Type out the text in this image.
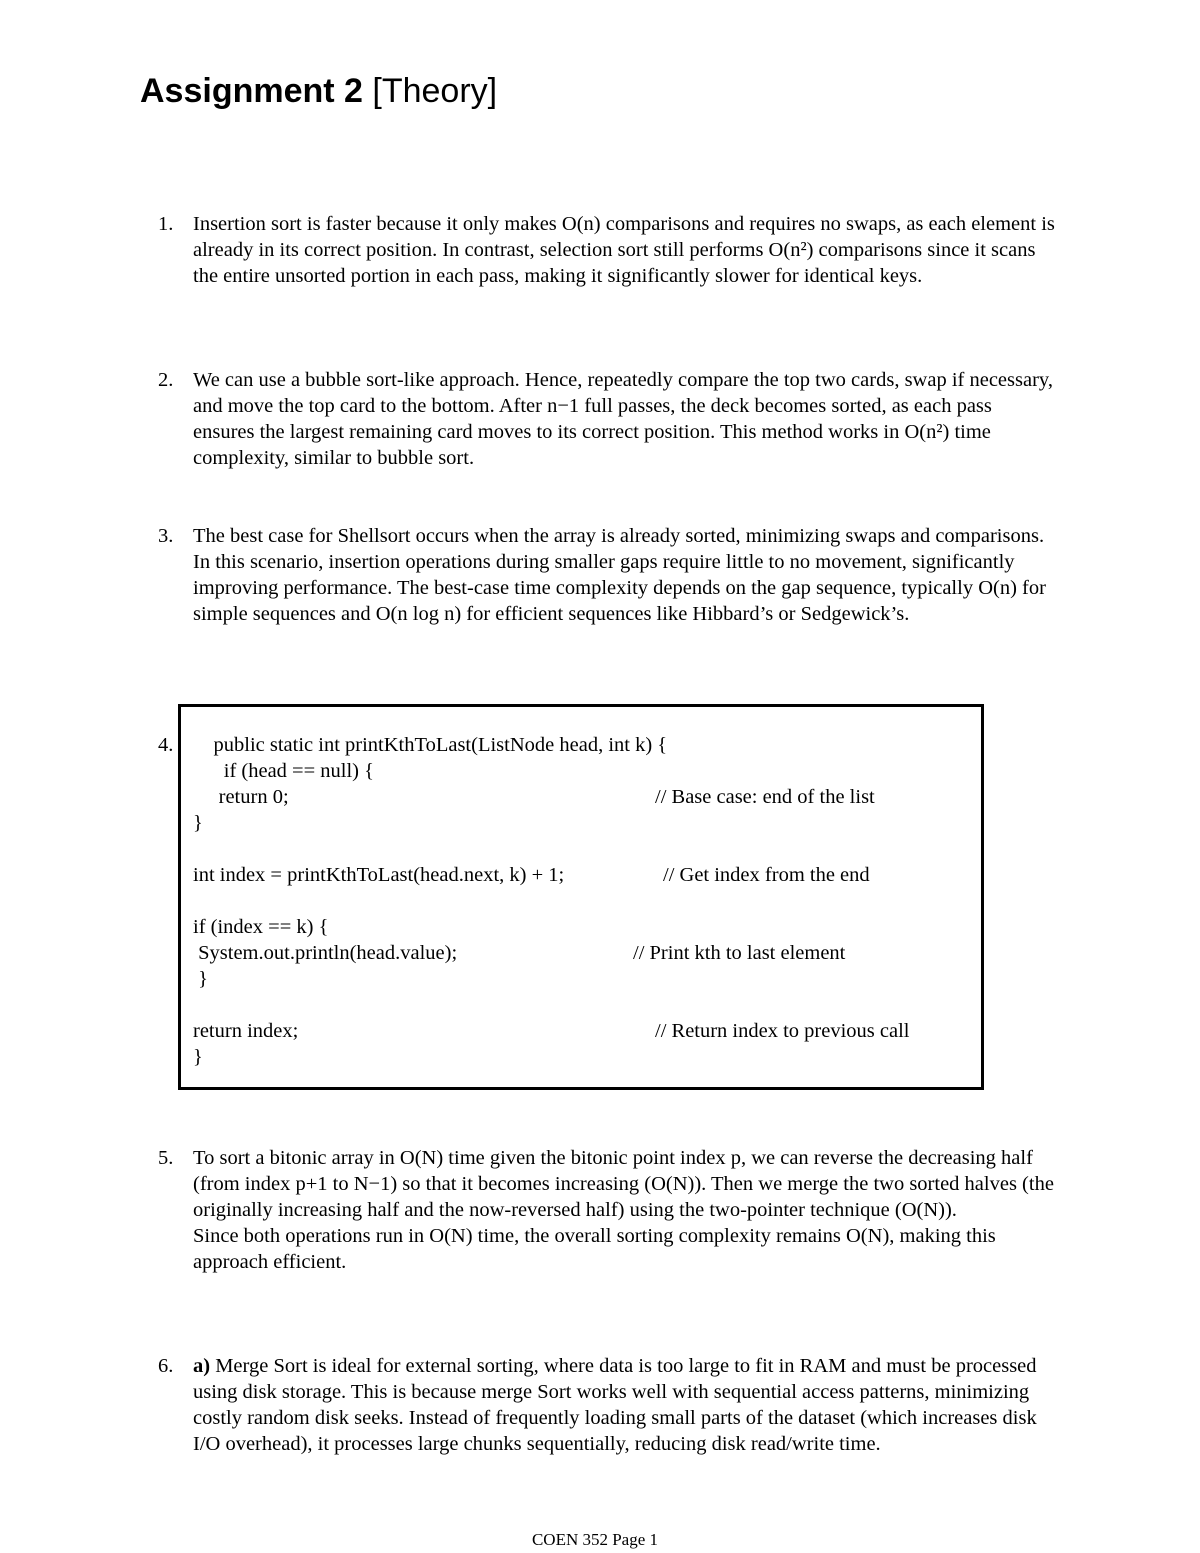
Assignment 2 [Theory]
1. Insertion sort is faster because it only makes O(n) comparisons and requires no swaps, as each element is
already in its correct position. In contrast, selection sort still performs O(n²) comparisons since it scans
the entire unsorted portion in each pass, making it significantly slower for identical keys.
2. We can use a bubble sort-like approach. Hence, repeatedly compare the top two cards, swap if necessary,
and move the top card to the bottom. After n−1 full passes, the deck becomes sorted, as each pass
ensures the largest remaining card moves to its correct position. This method works in O(n²) time
complexity, similar to bubble sort.
3. The best case for Shellsort occurs when the array is already sorted, minimizing swaps and comparisons.
In this scenario, insertion operations during smaller gaps require little to no movement, significantly
improving performance. The best-case time complexity depends on the gap sequence, typically O(n) for
simple sequences and O(n log n) for efficient sequences like Hibbard’s or Sedgewick’s.
4. public static int printKthToLast(ListNode head, int k) {
if (head == null) {
return 0;	// Base case: end of the list
}
int index = printKthToLast(head.next, k) + 1;	// Get index from the end
if (index == k) {
System.out.println(head.value);	// Print kth to last element
}
return index;	// Return index to previous call
}
5. To sort a bitonic array in O(N) time given the bitonic point index p, we can reverse the decreasing half
(from index p+1 to N−1) so that it becomes increasing (O(N)). Then we merge the two sorted halves (the
originally increasing half and the now-reversed half) using the two-pointer technique (O(N)).
Since both operations run in O(N) time, the overall sorting complexity remains O(N), making this
approach efficient.
6. a) Merge Sort is ideal for external sorting, where data is too large to fit in RAM and must be processed
using disk storage. This is because merge Sort works well with sequential access patterns, minimizing
costly random disk seeks. Instead of frequently loading small parts of the dataset (which increases disk
I/O overhead), it processes large chunks sequentially, reducing disk read/write time.
COEN 352 Page 1
